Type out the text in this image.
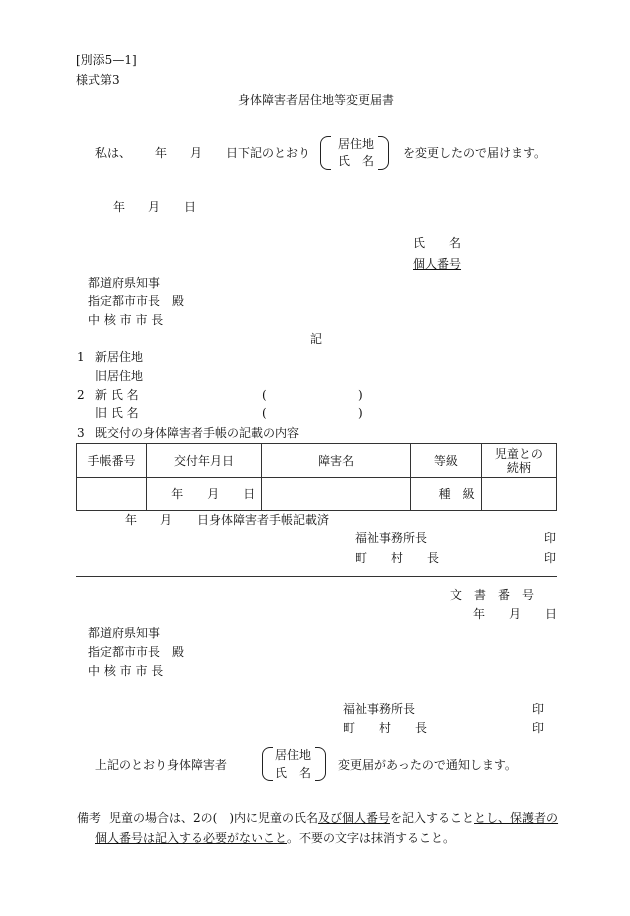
[別添5—1]
様式第3
身体障害者居住地等変更届書
私は、 年 月 日下記のとおり
居住地
氏　名
を変更したので届けます。
年 月 日
氏　　名
個人番号
都道府県知事
指定都市市長　殿
中 核 市 市 長
記
1 新居住地
旧居住地
2 新 氏 名	(	)
旧 氏 名	(	)
3 既交付の身体障害者手帳の記載の内容
手帳番号	交付年月日	障害名	等級	児童との続柄
	年　　月　　日		種　級	
年 月 日身体障害者手帳記載済
福祉事務所長	印
町　　村　　長	印
文　書　番　号
年　　月　　日
都道府県知事
指定都市市長　殿
中 核 市 市 長
福祉事務所長	印
町　　村　　長	印
上記のとおり身体障害者
居住地
氏　名
変更届があったので通知します。
備考 児童の場合は、2の(　)内に児童の氏名及び個人番号を記入することとし、保護者の
個人番号は記入する必要がないこと。不要の文字は抹消すること。
